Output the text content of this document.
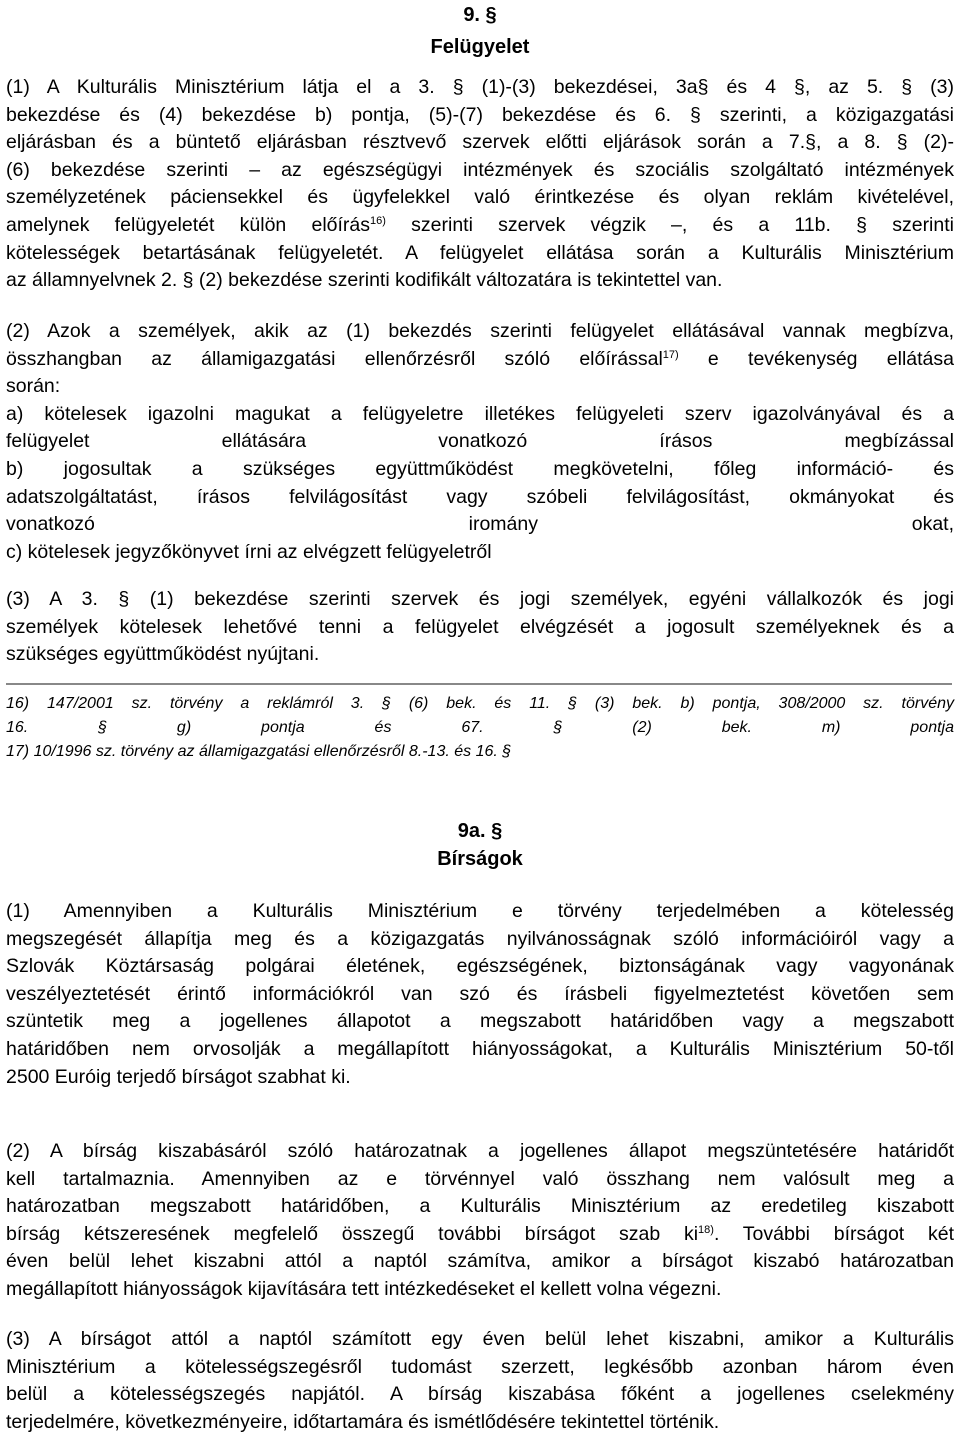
9. §
Felügyelet
(1) A Kulturális Minisztérium látja el a 3. § (1)-(3) bekezdései, 3a§ és 4 §, az 5. § (3)
bekezdése és (4) bekezdése b) pontja, (5)-(7) bekezdése és 6. § szerinti, a közigazgatási
eljárásban és a büntető eljárásban résztvevő szervek előtti eljárások során a 7.§, a 8. § (2)-
(6) bekezdése szerinti – az egészségügyi intézmények és szociális szolgáltató intézmények
személyzetének páciensekkel és ügyfelekkel való érintkezése és olyan reklám kivételével,
amelynek felügyeletét külön előírás$^{16)}$ szerinti szervek végzik –, és a 11b. § szerinti
kötelességek betartásának felügyeletét. A felügyelet ellátása során a Kulturális Minisztérium
az államnyelvnek 2. § (2) bekezdése szerinti kodifikált változatára is tekintettel van.
(2) Azok a személyek, akik az (1) bekezdés szerinti felügyelet ellátásával vannak megbízva,
összhangban az államigazgatási ellenőrzésről szóló előírással$^{17)}$ e tevékenység ellátása
során:
a) kötelesek igazolni magukat a felügyeletre illetékes felügyeleti szerv igazolványával és a
felügyelet ellátására vonatkozó írásos megbízással
b) jogosultak a szükséges együttműködést megkövetelni, főleg információ- és
adatszolgáltatást, írásos felvilágosítást vagy szóbeli felvilágosítást, okmányokat és
vonatkozó iromány okat,
c) kötelesek jegyzőkönyvet írni az elvégzett felügyeletről
(3) A 3. § (1) bekezdése szerinti szervek és jogi személyek, egyéni vállalkozók és jogi
személyek kötelesek lehetővé tenni a felügyelet elvégzését a jogosult személyeknek és a
szükséges együttműködést nyújtani.
16) 147/2001 sz. törvény a reklámról 3. § (6) bek. és 11. § (3) bek. b) pontja, 308/2000 sz. törvény
16. § g) pontja és 67. § (2) bek. m) pontja
17) 10/1996 sz. törvény az államigazgatási ellenőrzésről 8.-13. és 16. §
9a. §
Bírságok
(1) Amennyiben a Kulturális Minisztérium e törvény terjedelmében a kötelesség
megszegését állapítja meg és a közigazgatás nyilvánosságnak szóló információiról vagy a
Szlovák Köztársaság polgárai életének, egészségének, biztonságának vagy vagyonának
veszélyeztetését érintő információkról van szó és írásbeli figyelmeztetést követően sem
szüntetik meg a jogellenes állapotot a megszabott határidőben vagy a megszabott
határidőben nem orvosolják a megállapított hiányosságokat, a Kulturális Minisztérium 50-től
2500 Euróig terjedő bírságot szabhat ki.
(2) A bírság kiszabásáról szóló határozatnak a jogellenes állapot megszüntetésére határidőt
kell tartalmaznia. Amennyiben az e törvénnyel való összhang nem valósult meg a
határozatban megszabott határidőben, a Kulturális Minisztérium az eredetileg kiszabott
bírság kétszeresének megfelelő összegű további bírságot szab $ki^{18)}$. További bírságot két
éven belül lehet kiszabni attól a naptól számítva, amikor a bírságot kiszabó határozatban
megállapított hiányosságok kijavítására tett intézkedéseket el kellett volna végezni.
(3) A bírságot attól a naptól számított egy éven belül lehet kiszabni, amikor a Kulturális
Minisztérium a kötelességszegésről tudomást szerzett, legkésőbb azonban három éven
belül a kötelességszegés napjától. A bírság kiszabása főként a jogellenes cselekmény
terjedelmére, következményeire, időtartamára és ismétlődésére tekintettel történik.
